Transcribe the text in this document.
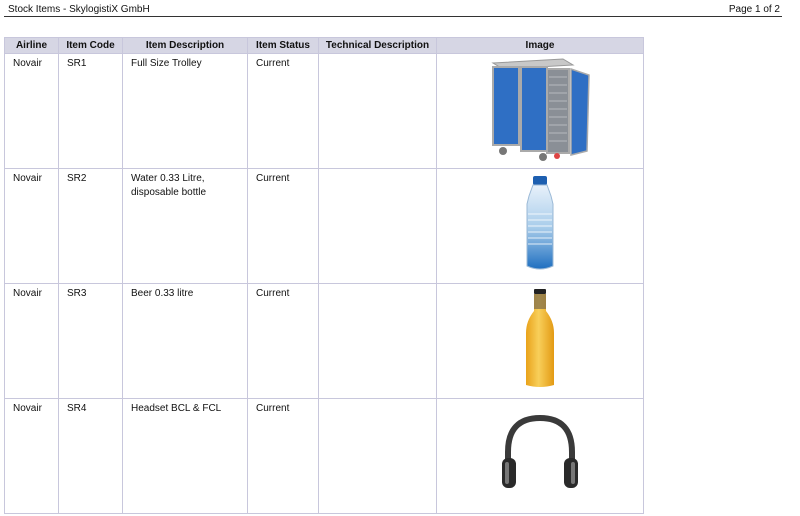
Stock Items - SkylogistiX GmbH	Page 1 of 2
Airline	Item Code	Item Description	Item Status	Technical Description	Image
Novair	SR1	Full Size Trolley	Current		
Novair	SR2	Water 0.33 Litre, disposable bottle	Current		
Novair	SR3	Beer 0.33 litre	Current		
Novair	SR4	Headset BCL & FCL	Current		
